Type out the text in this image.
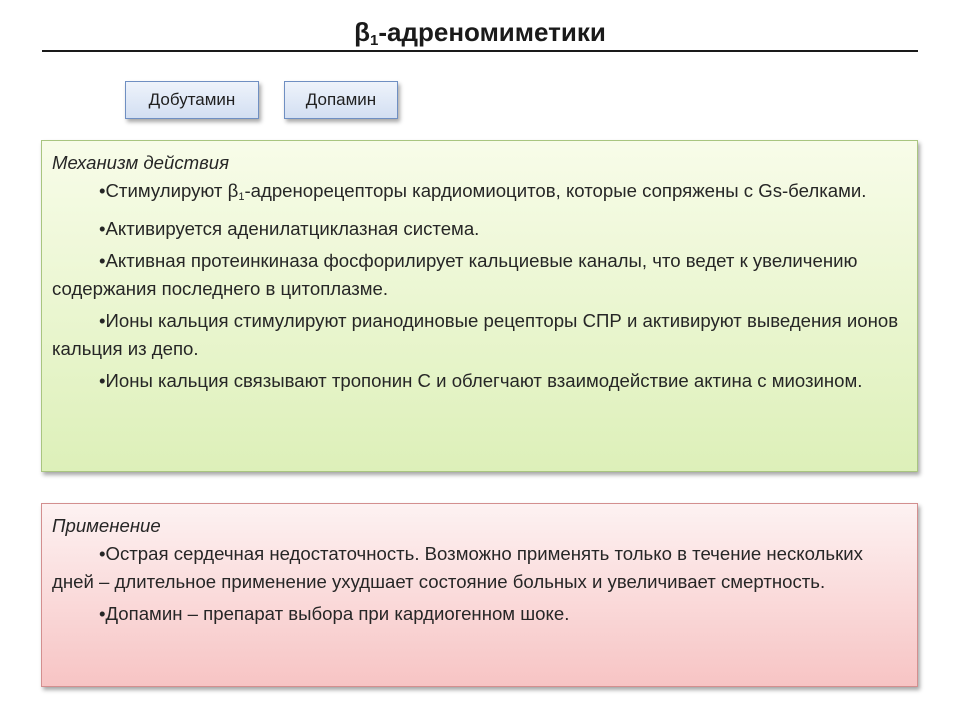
$\beta_1$-адреномиметики
Добутамин	Допамин

Механизм действия

•Стимулируют $\beta_1$-адренорецепторы кардиомиоцитов, которые сопряжены с Gs-белками.

•Активируется аденилатциклазная система.

•Активная протеинкиназа фосфорилирует кальциевые каналы, что ведет к увеличению содержания последнего в цитоплазме.

•Ионы кальция стимулируют рианодиновые рецепторы СПР и активируют выведения ионов кальция из депо.

•Ионы кальция связывают тропонин С и облегчают взаимодействие актина с миозином.

Применение

•Острая сердечная недостаточность. Возможно применять только в течение нескольких дней – длительное применение ухудшает состояние больных и увеличивает смертность.

•Допамин – препарат выбора при кардиогенном шоке.
